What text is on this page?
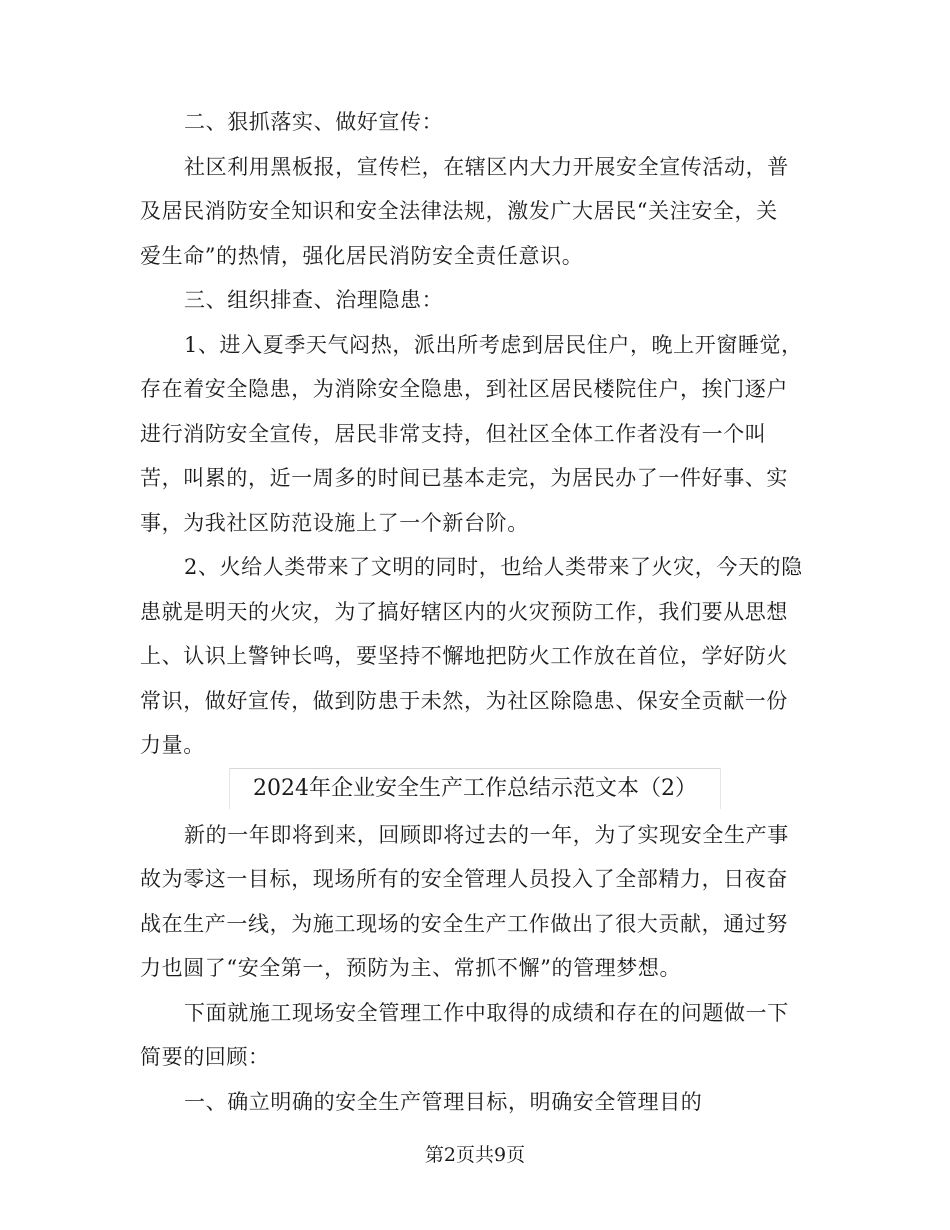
二、狠抓落实、做好宣传：
社区利用黑板报，宣传栏，在辖区内大力开展安全宣传活动，普
及居民消防安全知识和安全法律法规，激发广大居民“关注安全，关
爱生命”的热情，强化居民消防安全责任意识。
三、组织排查、治理隐患：
1、进入夏季天气闷热，派出所考虑到居民住户，晚上开窗睡觉，
存在着安全隐患，为消除安全隐患，到社区居民楼院住户，挨门逐户
进行消防安全宣传，居民非常支持，但社区全体工作者没有一个叫
苦，叫累的，近一周多的时间已基本走完，为居民办了一件好事、实
事，为我社区防范设施上了一个新台阶。
2、火给人类带来了文明的同时，也给人类带来了火灾，今天的隐
患就是明天的火灾，为了搞好辖区内的火灾预防工作，我们要从思想
上、认识上警钟长鸣，要坚持不懈地把防火工作放在首位，学好防火
常识，做好宣传，做到防患于未然，为社区除隐患、保安全贡献一份
力量。
2024年企业安全生产工作总结示范文本（2）
新的一年即将到来，回顾即将过去的一年，为了实现安全生产事
故为零这一目标，现场所有的安全管理人员投入了全部精力，日夜奋
战在生产一线，为施工现场的安全生产工作做出了很大贡献，通过努
力也圆了“安全第一，预防为主、常抓不懈”的管理梦想。
下面就施工现场安全管理工作中取得的成绩和存在的问题做一下
简要的回顾：
一、确立明确的安全生产管理目标，明确安全管理目的
第2页共9页
